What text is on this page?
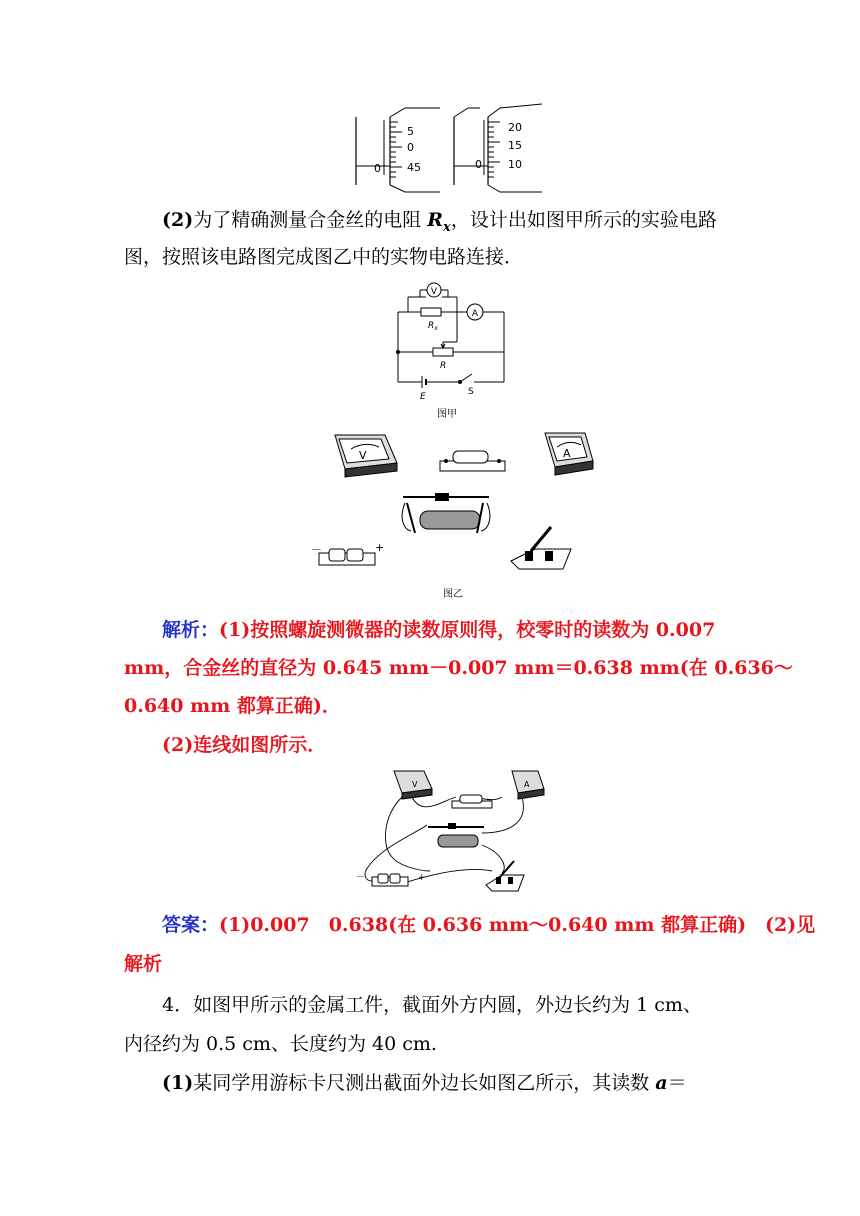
5
0
45
0
20
15
10
0
(2)为了精确测量合金丝的电阻 $R_x$，设计出如图甲所示的实验电路
图，按照该电路图完成图乙中的实物电路连接．
V
A
$R_x$
R
E	S
图甲
V	A
－	+
图乙
解析：(1)按照螺旋测微器的读数原则得，校零时的读数为 0.007
mm，合金丝的直径为 0.645 mm－0.007 mm＝0.638 mm(在 0.636～
0.640 mm 都算正确)．
(2)连线如图所示．
V	A
－	+
答案：(1)0.007　0.638(在 0.636 mm～0.640 mm 都算正确)　(2)见
解析
4．如图甲所示的金属工件，截面外方内圆，外边长约为 1 cm、
内径约为 0.5 cm、长度约为 40 cm.
(1)某同学用游标卡尺测出截面外边长如图乙所示，其读数 a＝
